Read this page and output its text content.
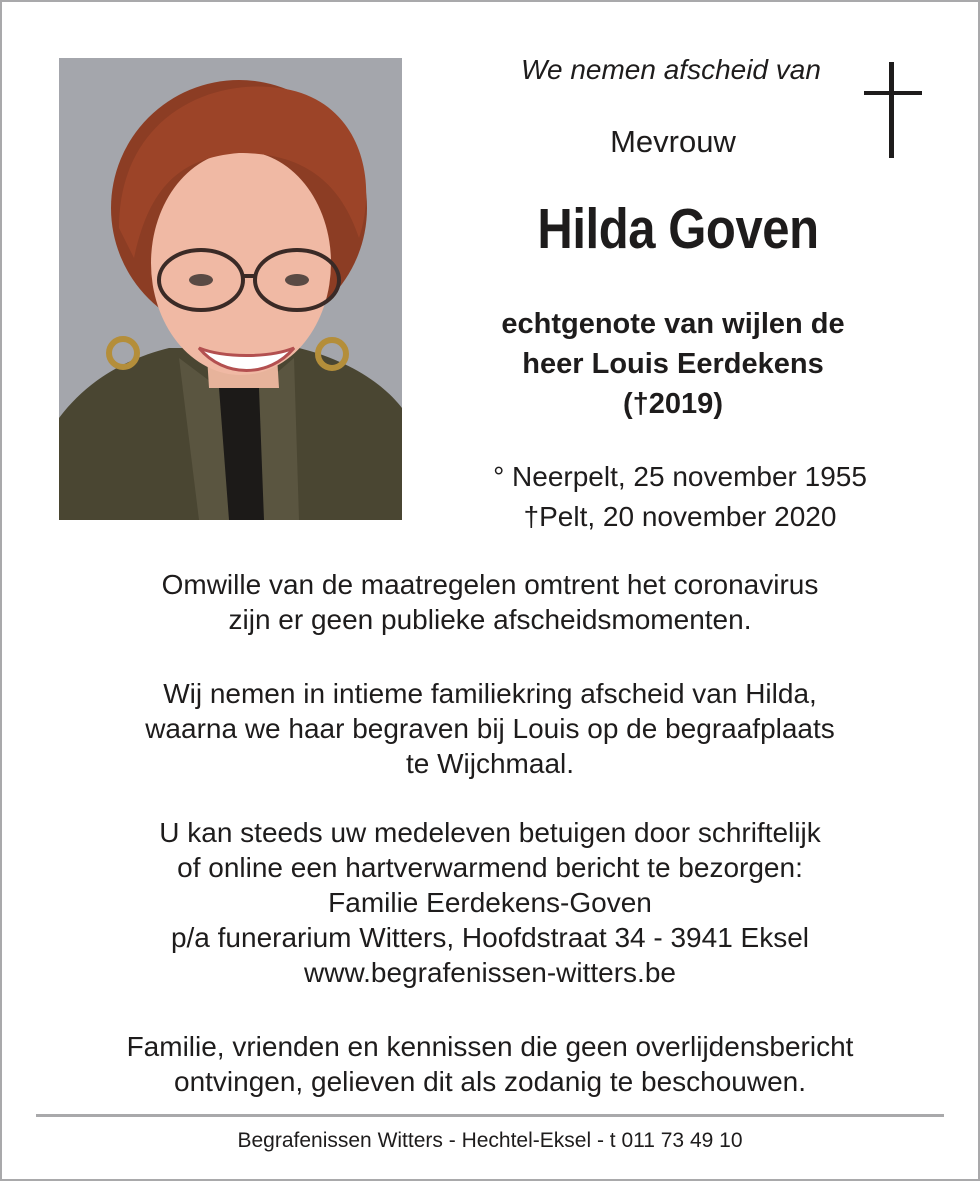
We nemen afscheid van
Mevrouw
Hilda Goven
echtgenote van wijlen de
heer Louis Eerdekens
(†2019)
° Neerpelt, 25 november 1955
†Pelt, 20 november 2020
Omwille van de maatregelen omtrent het coronavirus
zijn er geen publieke afscheidsmomenten.
Wij nemen in intieme familiekring afscheid van Hilda,
waarna we haar begraven bij Louis op de begraafplaats
te Wijchmaal.
U kan steeds uw medeleven betuigen door schriftelijk
of online een hartverwarmend bericht te bezorgen:
Familie Eerdekens-Goven
p/a funerarium Witters, Hoofdstraat 34 - 3941 Eksel
www.begrafenissen-witters.be
Familie, vrienden en kennissen die geen overlijdensbericht
ontvingen, gelieven dit als zodanig te beschouwen.
Begrafenissen Witters - Hechtel-Eksel - t 011 73 49 10
